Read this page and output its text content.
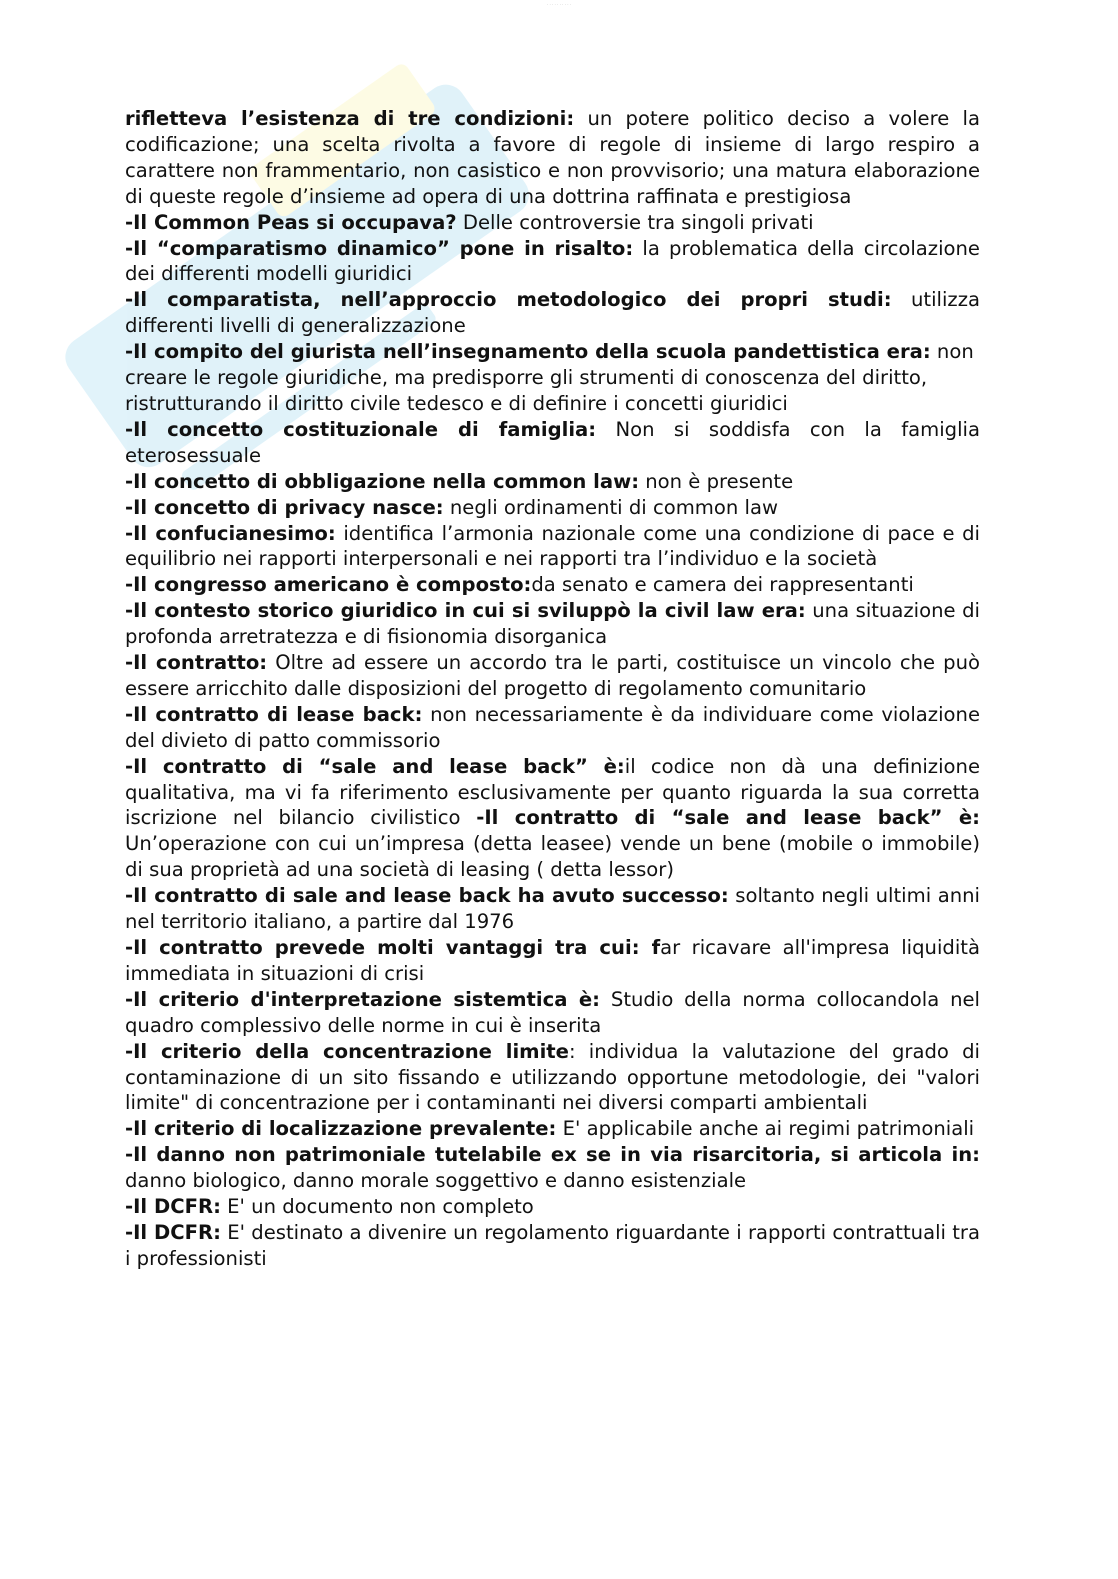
· · · · · · · · · ·

rifletteva l’esistenza di tre condizioni: un potere politico deciso a volere la codificazione; una scelta rivolta a favore di regole di insieme di largo respiro a carattere non frammentario, non casistico e non provvisorio; una matura elaborazione di queste regole d’insieme ad opera di una dottrina raffinata e prestigiosa

-Il Common Peas si occupava? Delle controversie tra singoli privati

-Il “comparatismo dinamico” pone in risalto: la problematica della circolazione dei differenti modelli giuridici

-Il comparatista, nell’approccio metodologico dei propri studi: utilizza differenti livelli di generalizzazione

-Il compito del giurista nell’insegnamento della scuola pandettistica era: non creare le regole giuridiche, ma predisporre gli strumenti di conoscenza del diritto, ristrutturando il diritto civile tedesco e di definire i concetti giuridici

-Il concetto costituzionale di famiglia: Non si soddisfa con la famiglia eterosessuale

-Il concetto di obbligazione nella common law: non è presente

-Il concetto di privacy nasce: negli ordinamenti di common law

-Il confucianesimo: identifica l’armonia nazionale come una condizione di pace e di equilibrio nei rapporti interpersonali e nei rapporti tra l’individuo e la società

-Il congresso americano è composto:da senato e camera dei rappresentanti

-Il contesto storico giuridico in cui si sviluppò la civil law era: una situazione di profonda arretratezza e di fisionomia disorganica

-Il contratto: Oltre ad essere un accordo tra le parti, costituisce un vincolo che può essere arricchito dalle disposizioni del progetto di regolamento comunitario

-Il contratto di lease back: non necessariamente è da individuare come violazione del divieto di patto commissorio

-Il contratto di “sale and lease back” è:il codice non dà una definizione qualitativa, ma vi fa riferimento esclusivamente per quanto riguarda la sua corretta iscrizione nel bilancio civilistico -Il contratto di “sale and lease back” è: Un’operazione con cui un’impresa (detta leasee) vende un bene (mobile o immobile) di sua proprietà ad una società di leasing ( detta lessor)

-Il contratto di sale and lease back ha avuto successo: soltanto negli ultimi anni nel territorio italiano, a partire dal 1976

-Il contratto prevede molti vantaggi tra cui: far ricavare all'impresa liquidità immediata in situazioni di crisi

-Il criterio d'interpretazione sistemtica è: Studio della norma collocandola nel quadro complessivo delle norme in cui è inserita

-Il criterio della concentrazione limite: individua la valutazione del grado di contaminazione di un sito fissando e utilizzando opportune metodologie, dei "valori limite" di concentrazione per i contaminanti nei diversi comparti ambientali

-Il criterio di localizzazione prevalente: E' applicabile anche ai regimi patrimoniali

-Il danno non patrimoniale tutelabile ex se in via risarcitoria, si articola in: danno biologico, danno morale soggettivo e danno esistenziale

-Il DCFR: E' un documento non completo

-Il DCFR: E' destinato a divenire un regolamento riguardante i rapporti contrattuali tra i professionisti
